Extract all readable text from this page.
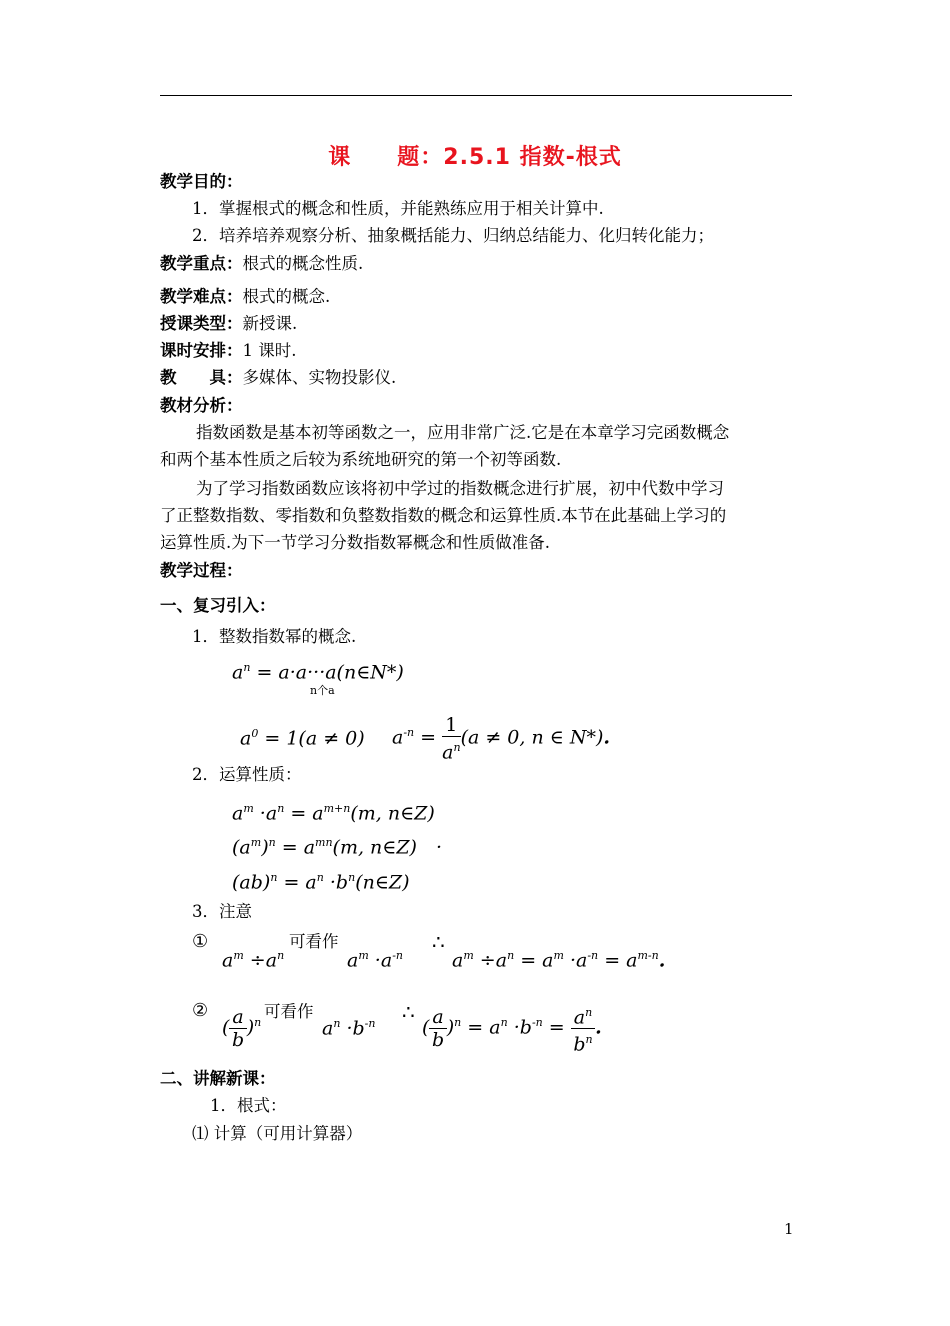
课 题：2.5.1 指数-根式
教学目的：
1．掌握根式的概念和性质，并能熟练应用于相关计算中.
2．培养培养观察分析、抽象概括能力、归纳总结能力、化归转化能力；
教学重点：根式的概念性质.
教学难点：根式的概念.
授课类型：新授课.
课时安排：1 课时.
教　　具：多媒体、实物投影仪.
教材分析：
指数函数是基本初等函数之一，应用非常广泛.它是在本章学习完函数概念
和两个基本性质之后较为系统地研究的第一个初等函数.
为了学习指数函数应该将初中学过的指数概念进行扩展，初中代数中学习
了正整数指数、零指数和负整数指数的概念和运算性质.本节在此基础上学习的
运算性质.为下一节学习分数指数幂概念和性质做准备.
教学过程：
一、复习引入：
1．整数指数幂的概念.
$a^n$ = a·a···a(n∈N*)
n个a
$a^0 = 1(a \ne 0) a^{-n} = \frac{1}{a^n} (a \ne 0$, n ∈ N*).
2．运算性质：
$a^m \cdot a^n = a^{m+n}(m$, n∈Z)
$(a^m)^n = a^{mn}(m$, n∈Z)　·
$(ab)^n = a^n$ $\cdot b^n(n\in Z)$
3．注意
①
$a^m \div a^n$
可看作
$a^m \cdot a^{-n}$
∴
$a^m \div a^n = a^m \cdot a^{-n} = a^{m-n}$.
②
( $\frac{a}{b} )^n$
可看作
$a^n \cdot b^{-n}$ ∴
( $\frac{a}{b} )^n = a^n \cdot b^{-n} = \frac{a^n}{b^n}$ .
二、讲解新课：
1．根式：
⑴ 计算（可用计算器）
1
